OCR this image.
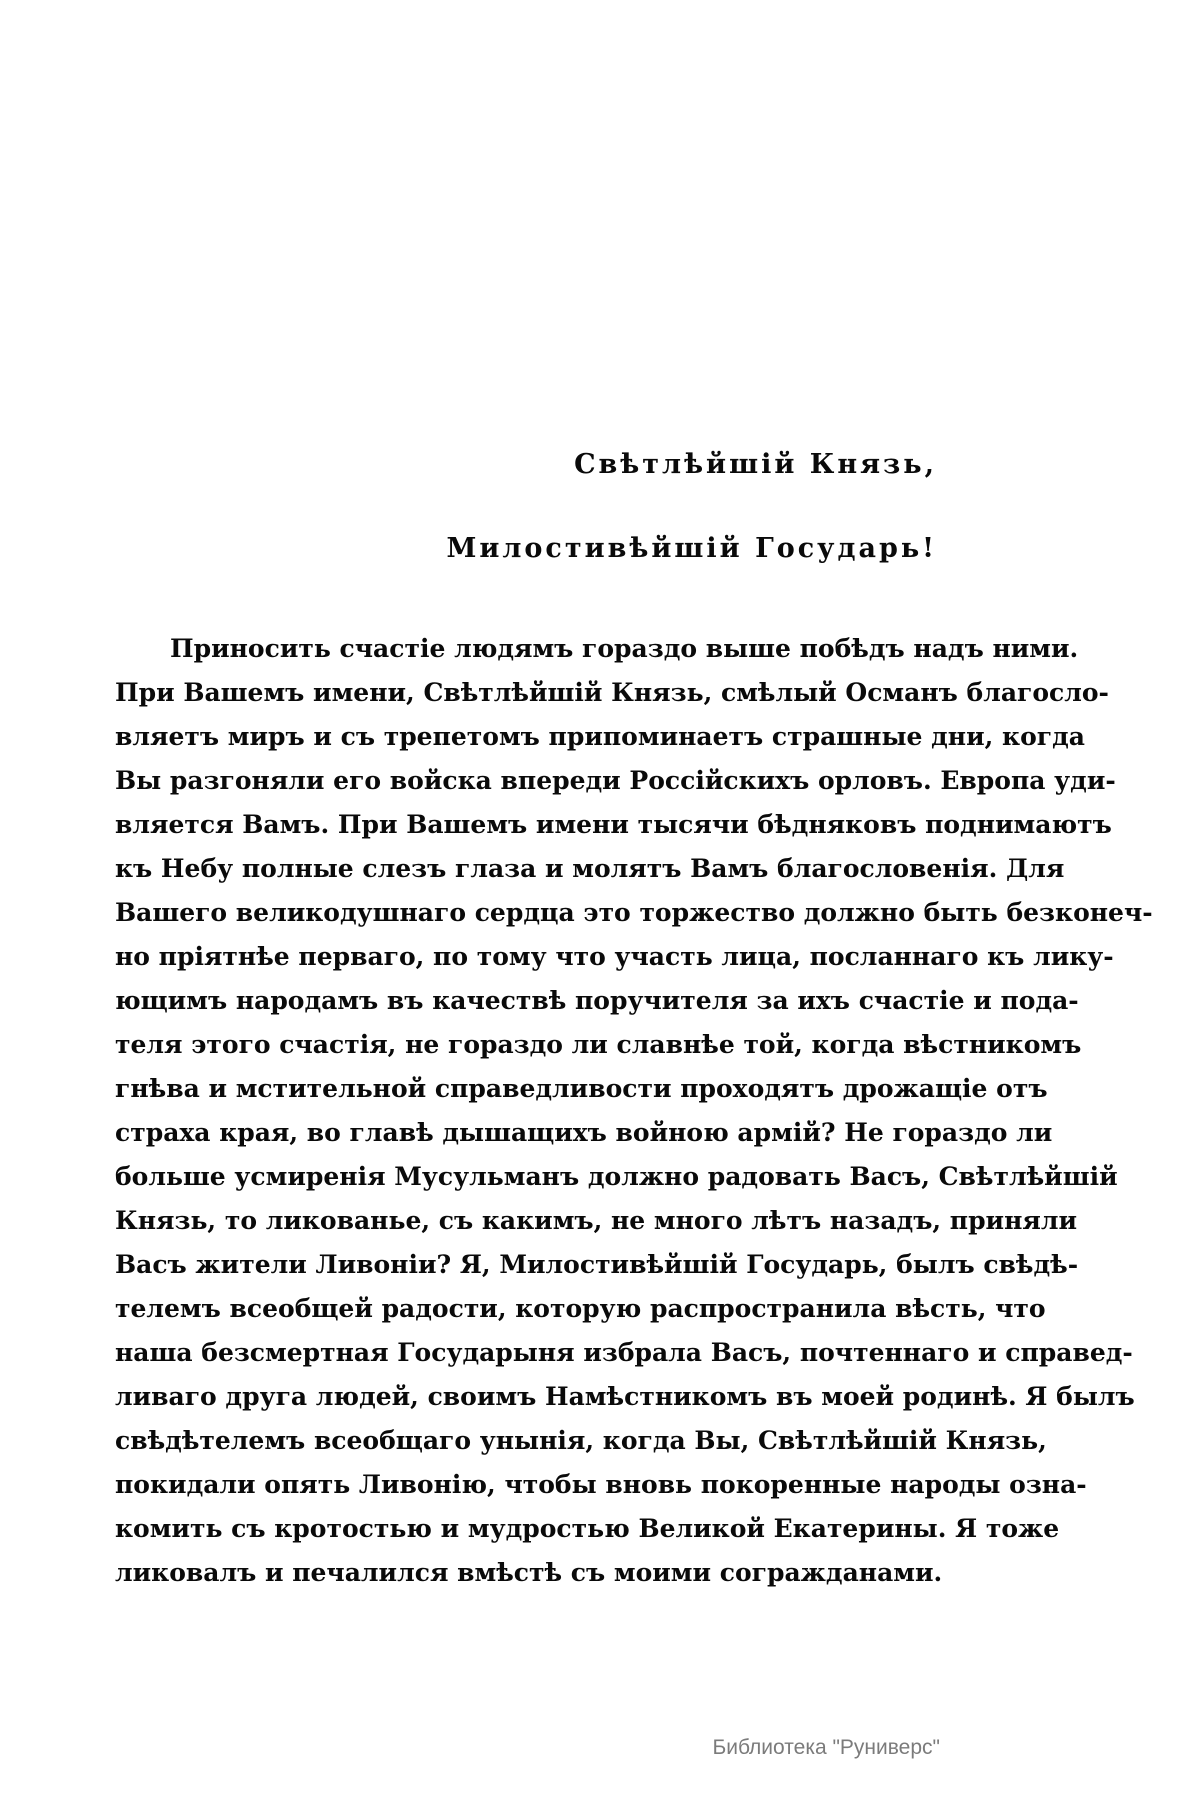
Свѣтлѣйшій Князь,
Милостивѣйшій Государь!
Приносить счастіе людямъ гораздо выше побѣдъ надъ ними.
При Вашемъ имени, Свѣтлѣйшій Князь, смѣлый Османъ благосло-
вляетъ миръ и съ трепетомъ припоминаетъ страшные дни, когда
Вы разгоняли его войска впереди Россійскихъ орловъ. Европа уди-
вляется Вамъ. При Вашемъ имени тысячи бѣдняковъ поднимаютъ
къ Небу полные слезъ глаза и молятъ Вамъ благословенія. Для
Вашего великодушнаго сердца это торжество должно быть безконеч-
но пріятнѣе перваго, по тому что участь лица, посланнаго къ лику-
ющимъ народамъ въ качествѣ поручителя за ихъ счастіе и пода-
теля этого счастія, не гораздо ли славнѣе той, когда вѣстникомъ
гнѣва и мстительной справедливости проходятъ дрожащіе отъ
страха края, во главѣ дышащихъ войною армій? Не гораздо ли
больше усмиренія Мусульманъ должно радовать Васъ, Свѣтлѣйшій
Князь, то ликованье, съ какимъ, не много лѣтъ назадъ, приняли
Васъ жители Ливоніи? Я, Милостивѣйшій Государь, былъ свѣдѣ-
телемъ всеобщей радости, которую распространила вѣсть, что
наша безсмертная Государыня избрала Васъ, почтеннаго и справед-
ливаго друга людей, своимъ Намѣстникомъ въ моей родинѣ. Я былъ
свѣдѣтелемъ всеобщаго унынія, когда Вы, Свѣтлѣйшій Князь,
покидали опять Ливонію, чтобы вновь покоренные народы озна-
комить съ кротостью и мудростью Великой Екатерины. Я тоже
ликовалъ и печалился вмѣстѣ съ моими согражданами.
Библиотека "Руниверс"
